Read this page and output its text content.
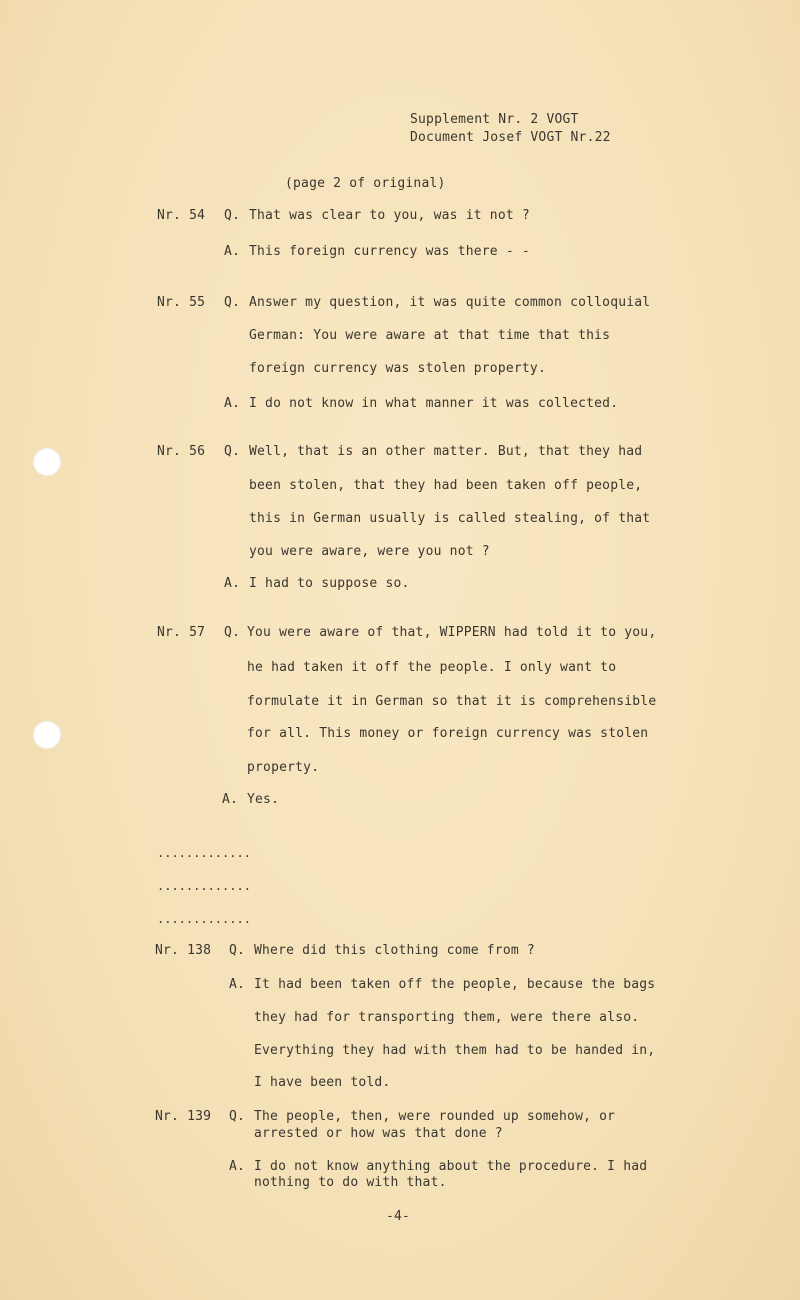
Supplement Nr. 2 VOGT
Document Josef VOGT Nr.22
(page 2 of original)
Nr. 54 Q. That was clear to you, was it not ?
A. This foreign currency was there - -
Nr. 55 Q. Answer my question, it was quite common colloquial
German: You were aware at that time that this
foreign currency was stolen property.
A. I do not know in what manner it was collected.
Nr. 56 Q. Well, that is an other matter. But, that they had
been stolen, that they had been taken off people,
this in German usually is called stealing, of that
you were aware, were you not ?
A. I had to suppose so.
Nr. 57 Q. You were aware of that, WIPPERN had told it to you,
he had taken it off the people. I only want to
formulate it in German so that it is comprehensible
for all. This money or foreign currency was stolen
property.
A. Yes.
.............
.............
.............
Nr. 138 Q. Where did this clothing come from ?
A. It had been taken off the people, because the bags
they had for transporting them, were there also.
Everything they had with them had to be handed in,
I have been told.
Nr. 139 Q. The people, then, were rounded up somehow, or
arrested or how was that done ?
A. I do not know anything about the procedure. I had
nothing to do with that.
-4-
